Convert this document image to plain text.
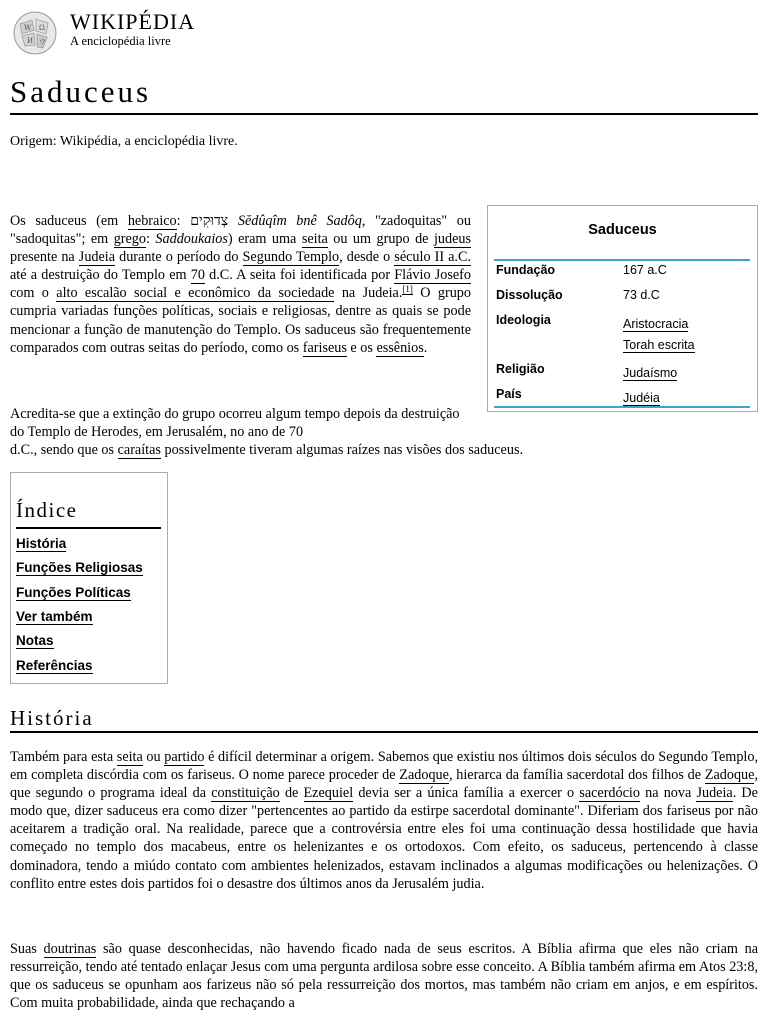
W Ω
И ウ
WIKIPÉDIA
A enciclopédia livre
Saduceus
Origem: Wikipédia, a enciclopédia livre.

Os saduceus (em hebraico: צְדוּקִים Sĕdûqîm bnê Sadôq, "zadoquitas" ou "sadoquitas"; em grego: Saddoukaios) eram uma seita ou um grupo de judeus presente na Judeia durante o período do Segundo Templo, desde o século II a.C. até a destruição do Templo em 70 d.C. A seita foi identificada por Flávio Josefo com o alto escalão social e econômico da sociedade na Judeia.[1] O grupo cumpria variadas funções políticas, sociais e religiosas, dentre as quais se pode mencionar a função de manutenção do Templo. Os saduceus são frequentemente comparados com outras seitas do período, como os fariseus e os essênios.

Acredita-se que a extinção do grupo ocorreu algum tempo depois da destruição do Templo de Herodes, em Jerusalém, no ano de 70
d.C., sendo que os caraítas possivelmente tiveram algumas raízes nas visões dos saduceus.

Saduceus
Fundação	167 a.C
Dissolução	73 d.C
Ideologia	Aristocracia
Torah escrita
Religião	Judaísmo
País	Judéia
Índice
História
Funções Religiosas
Funções Políticas
Ver também
Notas
Referências
História

Também para esta seita ou partido é difícil determinar a origem. Sabemos que existiu nos últimos dois séculos do Segundo Templo, em completa discórdia com os fariseus. O nome parece proceder de Zadoque, hierarca da família sacerdotal dos filhos de Zadoque, que segundo o programa ideal da constituição de Ezequiel devia ser a única família a exercer o sacerdócio na nova Judeia. De modo que, dizer saduceus era como dizer "pertencentes ao partido da estirpe sacerdotal dominante". Diferiam dos fariseus por não aceitarem a tradição oral. Na realidade, parece que a controvérsia entre eles foi uma continuação dessa hostilidade que havia começado no templo dos macabeus, entre os helenizantes e os ortodoxos. Com efeito, os saduceus, pertencendo à classe dominadora, tendo a miúdo contato com ambientes helenizados, estavam inclinados a algumas modificações ou helenizações. O conflito entre estes dois partidos foi o desastre dos últimos anos da Jerusalém judia.

Suas doutrinas são quase desconhecidas, não havendo ficado nada de seus escritos. A Bíblia afirma que eles não criam na ressurreição, tendo até tentado enlaçar Jesus com uma pergunta ardilosa sobre esse conceito. A Bíblia também afirma em Atos 23:8, que os saduceus se opunham aos farizeus não só pela ressurreição dos mortos, mas também não criam em anjos, e em espíritos. Com muita probabilidade, ainda que rechaçando a
